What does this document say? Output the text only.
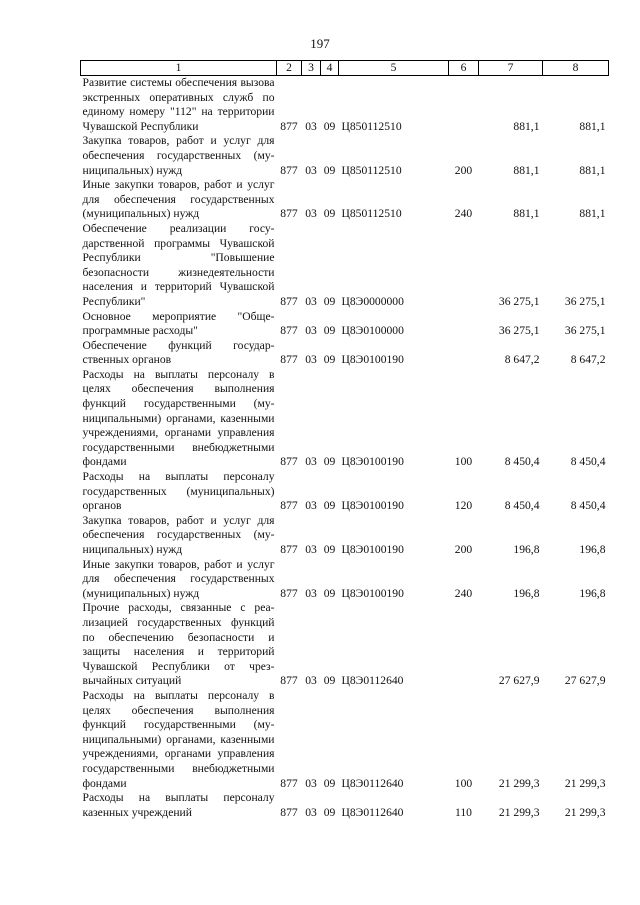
197
1	2	3	4	5	6	7	8
Развитие системы обеспечения вызова экстренных оперативных служб по единому номеру "112" на территории Чувашской Республики	877	03	09	Ц850112510		881,1	881,1
Закупка товаров, работ и услуг для обеспечения государственных (муниципальных) нужд	877	03	09	Ц850112510	200	881,1	881,1
Иные закупки товаров, работ и услуг для обеспечения государственных (муниципальных) нужд	877	03	09	Ц850112510	240	881,1	881,1
Обеспечение реализации государственной программы Чувашской Республики "Повышение безопасности жизнедеятельности населения и территорий Чувашской Республики"	877	03	09	Ц8Э0000000		36 275,1	36 275,1
Основное мероприятие "Общепрограммные расходы"	877	03	09	Ц8Э0100000		36 275,1	36 275,1
Обеспечение функций государственных органов	877	03	09	Ц8Э0100190		8 647,2	8 647,2
Расходы на выплаты персоналу в целях обеспечения выполнения функций государственными (муниципальными) органами, казенными учреждениями, органами управления государственными внебюджетными фондами	877	03	09	Ц8Э0100190	100	8 450,4	8 450,4
Расходы на выплаты персоналу государственных (муниципальных) органов	877	03	09	Ц8Э0100190	120	8 450,4	8 450,4
Закупка товаров, работ и услуг для обеспечения государственных (муниципальных) нужд	877	03	09	Ц8Э0100190	200	196,8	196,8
Иные закупки товаров, работ и услуг для обеспечения государственных (муниципальных) нужд	877	03	09	Ц8Э0100190	240	196,8	196,8
Прочие расходы, связанные с реализацией государственных функций по обеспечению безопасности и защиты населения и территорий Чувашской Республики от чрезвычайных ситуаций	877	03	09	Ц8Э0112640		27 627,9	27 627,9
Расходы на выплаты персоналу в целях обеспечения выполнения функций государственными (муниципальными) органами, казенными учреждениями, органами управления государственными внебюджетными фондами	877	03	09	Ц8Э0112640	100	21 299,3	21 299,3
Расходы на выплаты персоналу казенных учреждений	877	03	09	Ц8Э0112640	110	21 299,3	21 299,3
